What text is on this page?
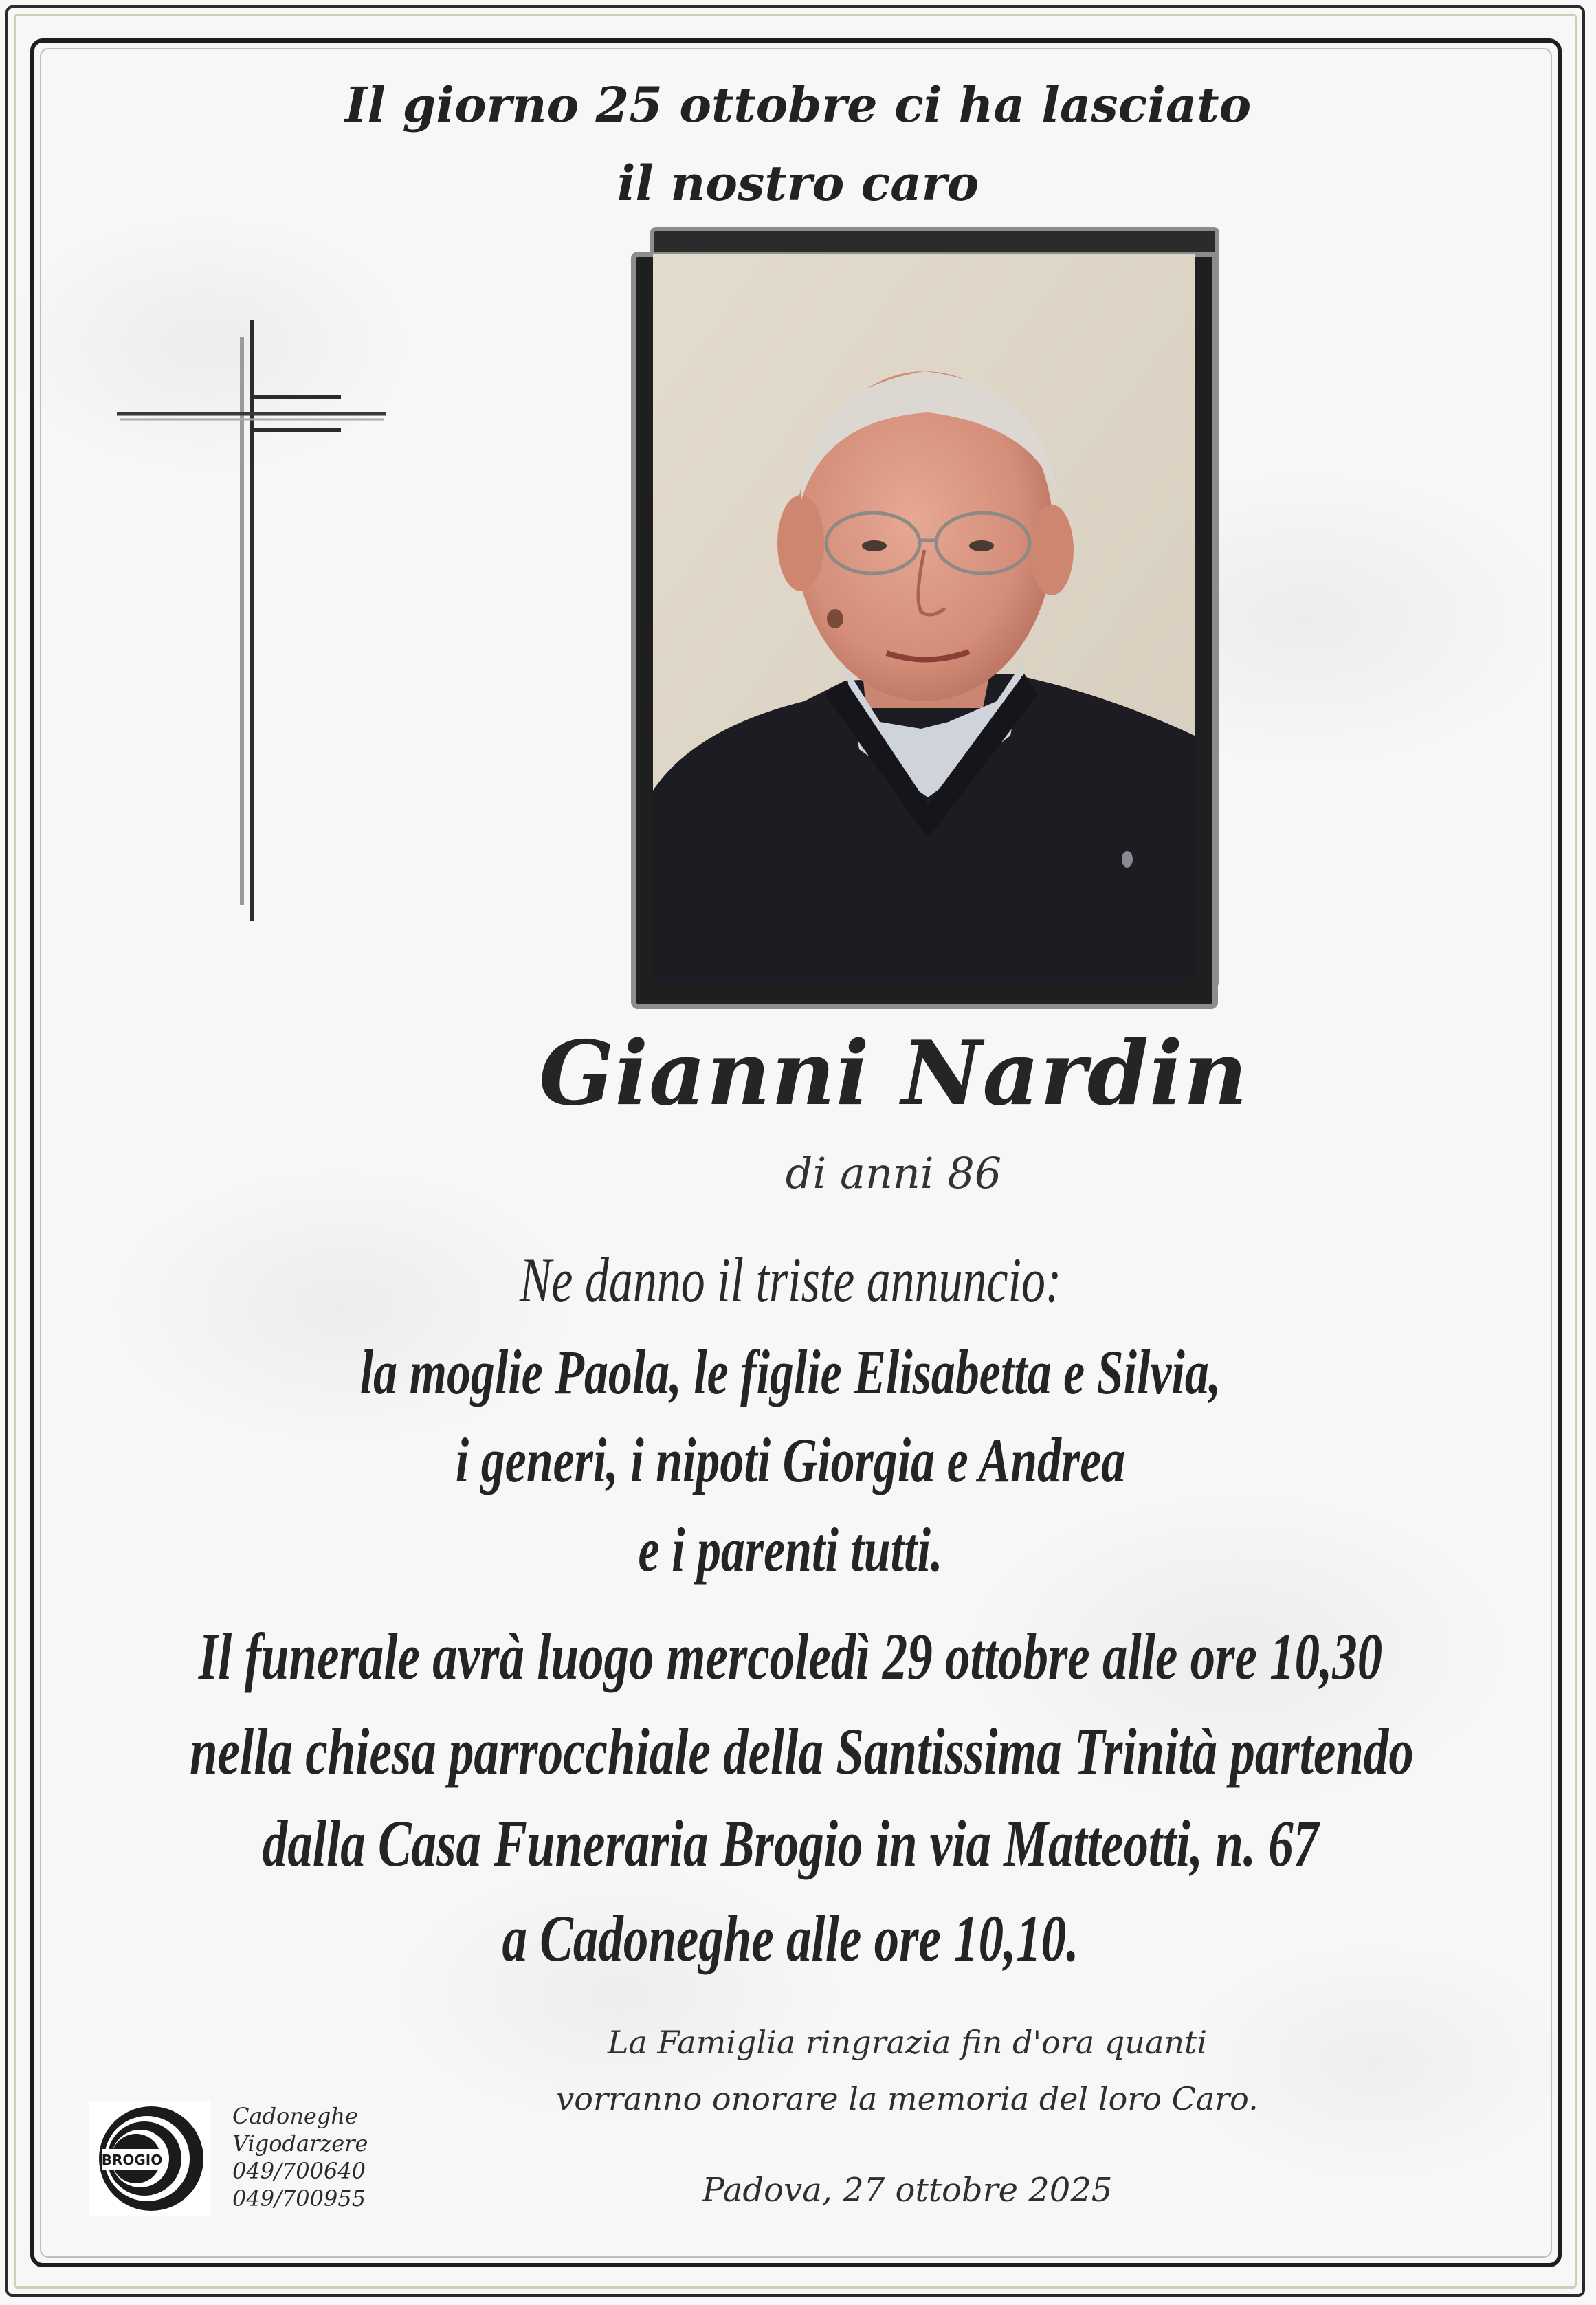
Il giorno 25 ottobre ci ha lasciato
il nostro caro
Gianni Nardin
di anni 86
Ne danno il triste annuncio:
la moglie Paola, le figlie Elisabetta e Silvia,
i generi, i nipoti Giorgia e Andrea
e i parenti tutti.
Il funerale avrà luogo mercoledì 29 ottobre alle ore 10,30
nella chiesa parrocchiale della Santissima Trinità partendo
dalla Casa Funeraria Brogio in via Matteotti, n. 67
a Cadoneghe alle ore 10,10.
La Famiglia ringrazia fin d'ora quanti
vorranno onorare la memoria del loro Caro.
Padova, 27 ottobre 2025
BROGIO
Cadoneghe
Vigodarzere
049/700640
049/700955
